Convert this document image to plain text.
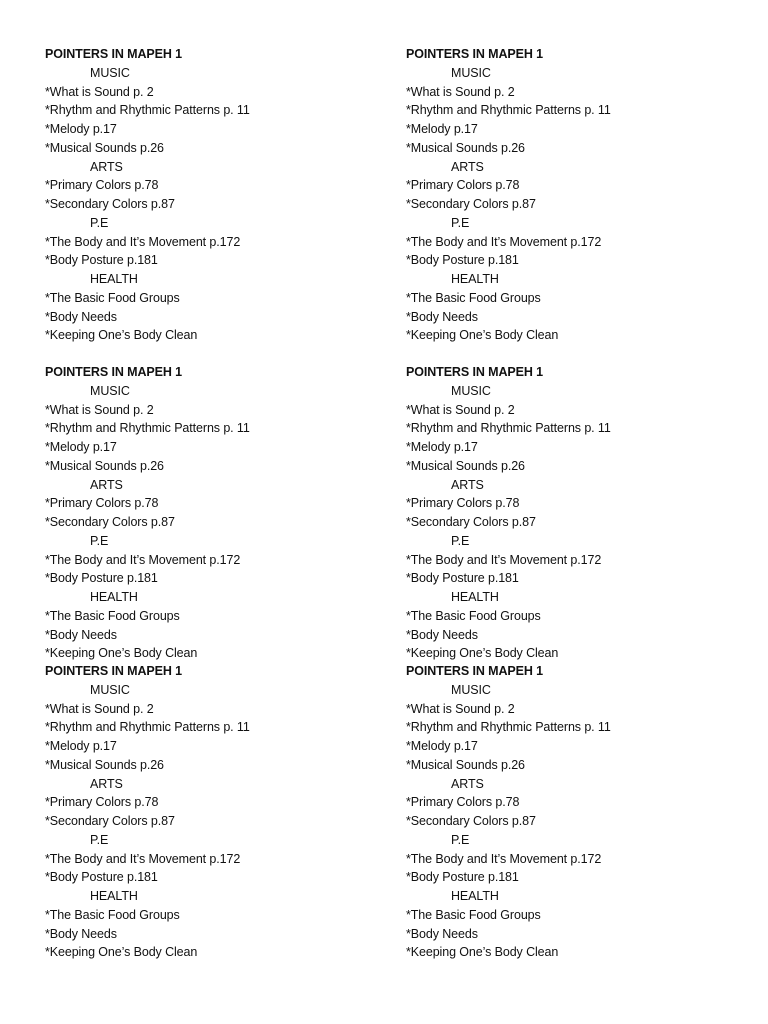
POINTERS IN MAPEH 1
MUSIC
*What is Sound p. 2
*Rhythm and Rhythmic Patterns p. 11
*Melody p.17
*Musical Sounds p.26
ARTS
*Primary Colors p.78
*Secondary Colors p.87
P.E
*The Body and It’s Movement p.172
*Body Posture p.181
HEALTH
*The Basic Food Groups
*Body Needs
*Keeping One’s Body Clean
POINTERS IN MAPEH 1
MUSIC
*What is Sound p. 2
*Rhythm and Rhythmic Patterns p. 11
*Melody p.17
*Musical Sounds p.26
ARTS
*Primary Colors p.78
*Secondary Colors p.87
P.E
*The Body and It’s Movement p.172
*Body Posture p.181
HEALTH
*The Basic Food Groups
*Body Needs
*Keeping One’s Body Clean
POINTERS IN MAPEH 1
MUSIC
*What is Sound p. 2
*Rhythm and Rhythmic Patterns p. 11
*Melody p.17
*Musical Sounds p.26
ARTS
*Primary Colors p.78
*Secondary Colors p.87
P.E
*The Body and It’s Movement p.172
*Body Posture p.181
HEALTH
*The Basic Food Groups
*Body Needs
*Keeping One’s Body Clean
POINTERS IN MAPEH 1
MUSIC
*What is Sound p. 2
*Rhythm and Rhythmic Patterns p. 11
*Melody p.17
*Musical Sounds p.26
ARTS
*Primary Colors p.78
*Secondary Colors p.87
P.E
*The Body and It’s Movement p.172
*Body Posture p.181
HEALTH
*The Basic Food Groups
*Body Needs
*Keeping One’s Body Clean
POINTERS IN MAPEH 1
MUSIC
*What is Sound p. 2
*Rhythm and Rhythmic Patterns p. 11
*Melody p.17
*Musical Sounds p.26
ARTS
*Primary Colors p.78
*Secondary Colors p.87
P.E
*The Body and It’s Movement p.172
*Body Posture p.181
HEALTH
*The Basic Food Groups
*Body Needs
*Keeping One’s Body Clean
POINTERS IN MAPEH 1
MUSIC
*What is Sound p. 2
*Rhythm and Rhythmic Patterns p. 11
*Melody p.17
*Musical Sounds p.26
ARTS
*Primary Colors p.78
*Secondary Colors p.87
P.E
*The Body and It’s Movement p.172
*Body Posture p.181
HEALTH
*The Basic Food Groups
*Body Needs
*Keeping One’s Body Clean
